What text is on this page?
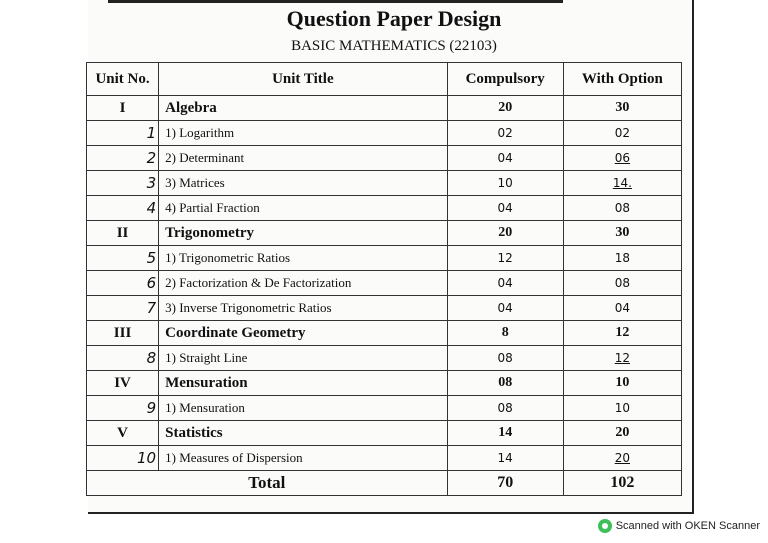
Question Paper Design
BASIC MATHEMATICS (22103)
Unit No.	Unit Title	Compulsory	With Option
I	Algebra	20	30
1	1) Logarithm	02	02
2	2) Determinant	04	06
3	3) Matrices	10	14.
4	4) Partial Fraction	04	08
II	Trigonometry	20	30
5	1) Trigonometric Ratios	12	18
6	2) Factorization & De Factorization	04	08
7	3) Inverse Trigonometric Ratios	04	04
III	Coordinate Geometry	8	12
8	1) Straight Line	08	12
IV	Mensuration	08	10
9	1) Mensuration	08	10
V	Statistics	14	20
10	1) Measures of Dispersion	14	20
Total		70	102
Scanned with OKEN Scanner
